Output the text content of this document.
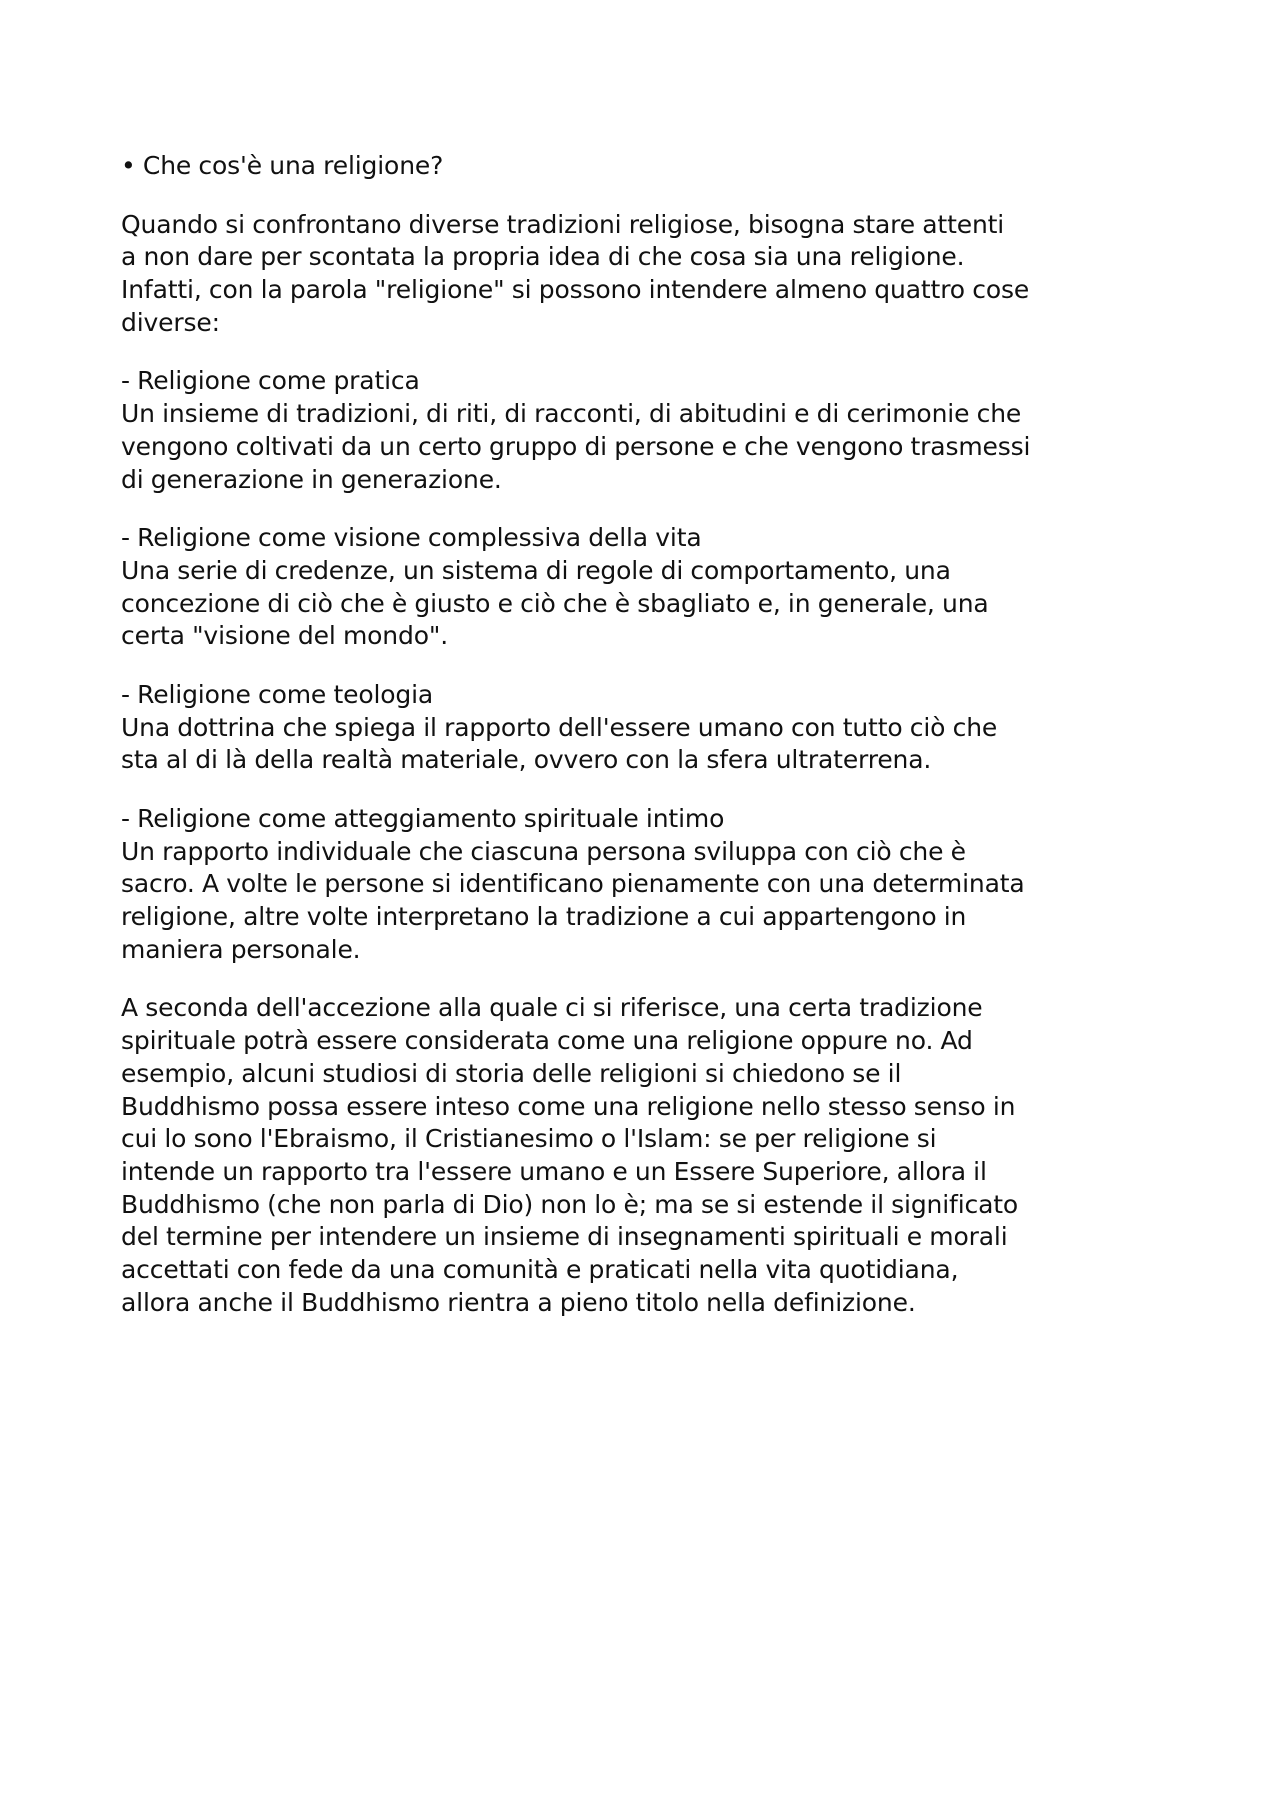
• Che cos'è una religione?
Quando si confrontano diverse tradizioni religiose, bisogna stare attenti
a non dare per scontata la propria idea di che cosa sia una religione.
Infatti, con la parola "religione" si possono intendere almeno quattro cose
diverse:
- Religione come pratica
Un insieme di tradizioni, di riti, di racconti, di abitudini e di cerimonie che
vengono coltivati da un certo gruppo di persone e che vengono trasmessi
di generazione in generazione.
- Religione come visione complessiva della vita
Una serie di credenze, un sistema di regole di comportamento, una
concezione di ciò che è giusto e ciò che è sbagliato e, in generale, una
certa "visione del mondo".
- Religione come teologia
Una dottrina che spiega il rapporto dell'essere umano con tutto ciò che
sta al di là della realtà materiale, ovvero con la sfera ultraterrena.
- Religione come atteggiamento spirituale intimo
Un rapporto individuale che ciascuna persona sviluppa con ciò che è
sacro. A volte le persone si identificano pienamente con una determinata
religione, altre volte interpretano la tradizione a cui appartengono in
maniera personale.
A seconda dell'accezione alla quale ci si riferisce, una certa tradizione
spirituale potrà essere considerata come una religione oppure no. Ad
esempio, alcuni studiosi di storia delle religioni si chiedono se il
Buddhismo possa essere inteso come una religione nello stesso senso in
cui lo sono l'Ebraismo, il Cristianesimo o l'Islam: se per religione si
intende un rapporto tra l'essere umano e un Essere Superiore, allora il
Buddhismo (che non parla di Dio) non lo è; ma se si estende il significato
del termine per intendere un insieme di insegnamenti spirituali e morali
accettati con fede da una comunità e praticati nella vita quotidiana,
allora anche il Buddhismo rientra a pieno titolo nella definizione.
